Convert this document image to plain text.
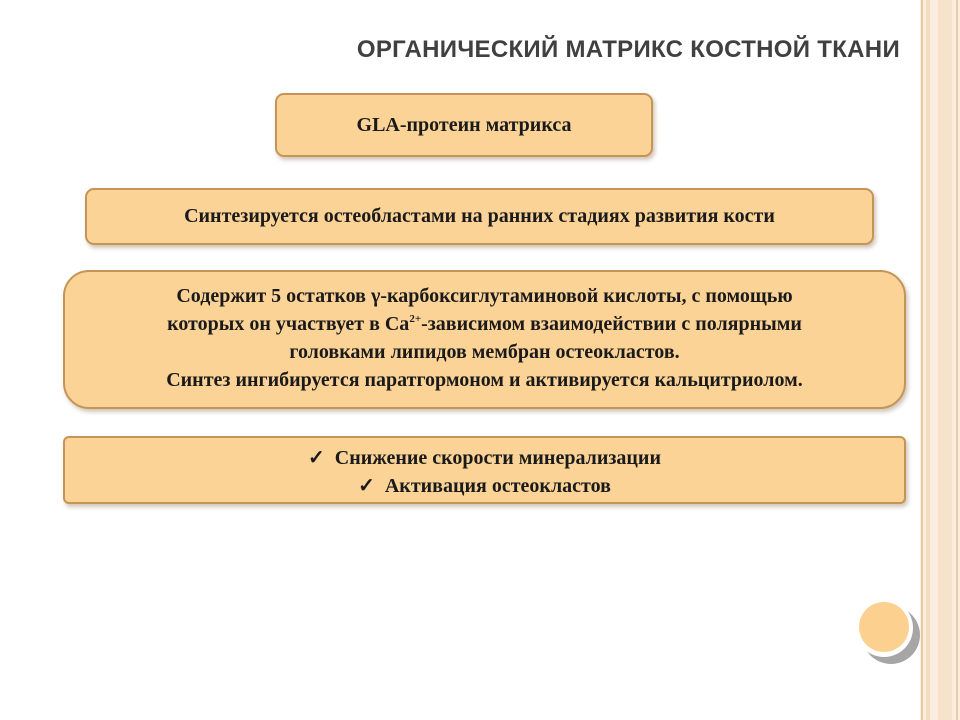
ОРГАНИЧЕСКИЙ МАТРИКС КОСТНОЙ ТКАНИ
GLA-протеин матрикса
Синтезируется остеобластами на ранних стадиях развития кости
Содержит 5 остатков γ-карбоксиглутаминовой кислоты, с помощью
которых он участвует в $Ca^{2+}$-зависимом взаимодействии с полярными
головками липидов мембран остеокластов.
Синтез ингибируется паратгормоном и активируется кальцитриолом.
✓ Снижение скорости минерализации
✓ Активация остеокластов
